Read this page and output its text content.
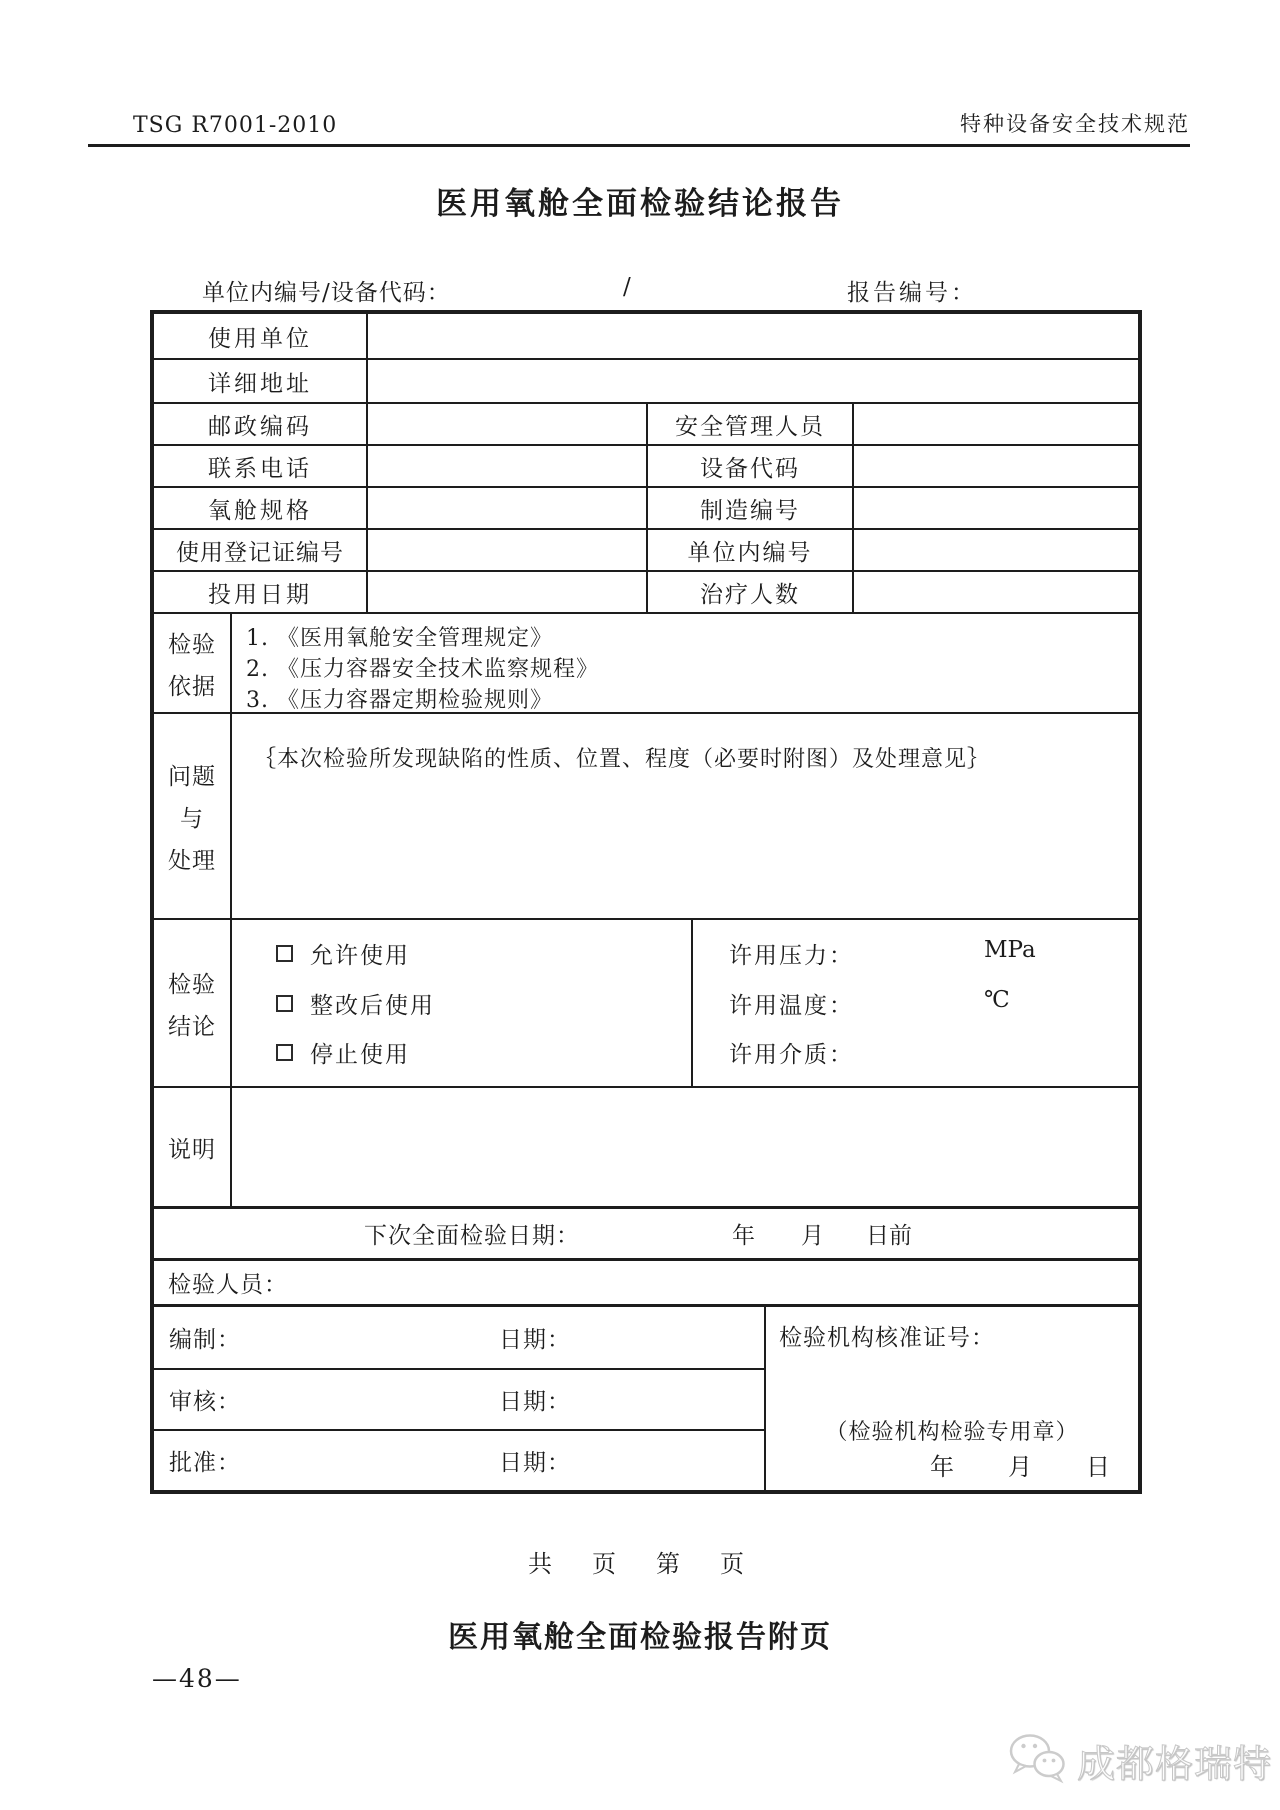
TSG R7001-2010	特种设备安全技术规范
医用氧舱全面检验结论报告
单位内编号/设备代码：	/	报告编号：
使用单位
详细地址
邮政编码	安全管理人员
联系电话	设备代码
氧舱规格	制造编号
使用登记证编号	单位内编号
投用日期	治疗人数
检验
依据
1. 《医用氧舱安全管理规定》
2. 《压力容器安全技术监察规程》
3. 《压力容器定期检验规则》
问题
与
处理
｛本次检验所发现缺陷的性质、位置、程度（必要时附图）及处理意见｝
检验
结论
允许使用
整改后使用
停止使用
许用压力：	MPa
许用温度：	℃
许用介质：
说明
下次全面检验日期：	年 月 日前
检验人员：
编制：	日期：
审核：	日期：
批准：	日期：
检验机构核准证号：
（检验机构检验专用章）
年　　月　　日
共　页　第　页
医用氧舱全面检验报告附页
—48—
成都格瑞特
